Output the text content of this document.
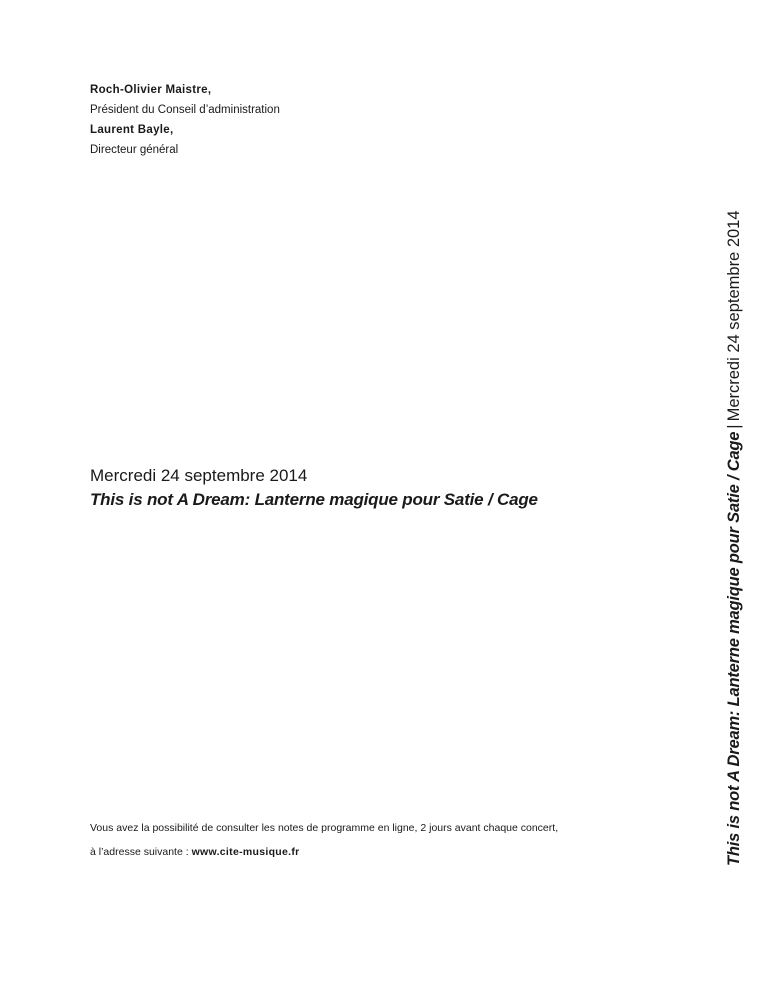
Roch-Olivier Maistre,
Président du Conseil d’administration
Laurent Bayle,
Directeur général
Mercredi 24 septembre 2014
This is not A Dream: Lanterne magique pour Satie / Cage
Vous avez la possibilité de consulter les notes de programme en ligne, 2 jours avant chaque concert,
à l’adresse suivante : www.cite-musique.fr	This is not A Dream: Lanterne magique pour Satie / Cage|Mercredi 24 septembre 2014
